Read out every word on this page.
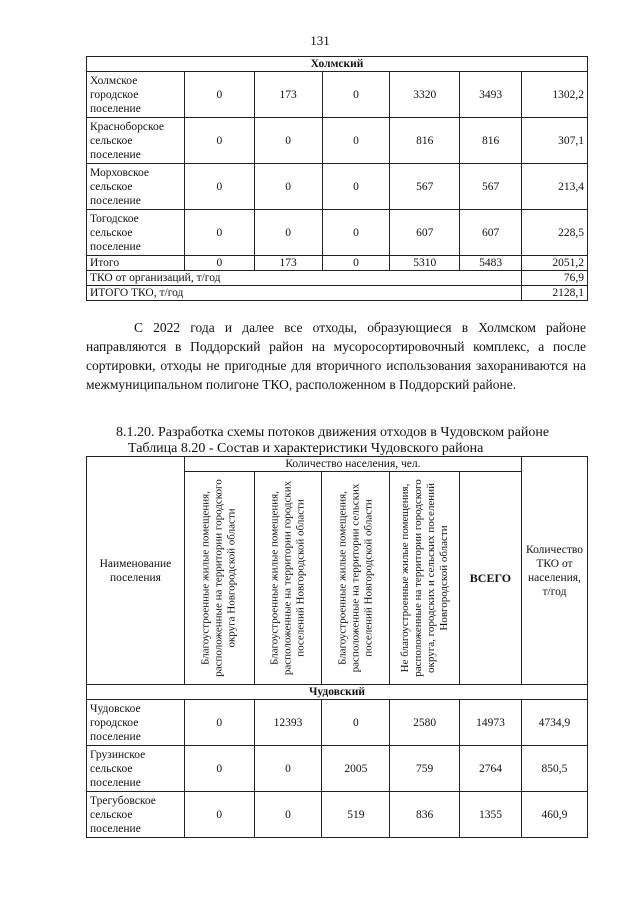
131
Холмский						
Холмское
городское
поселение	0	173	0	3320	3493	1302,2
Красноборское
сельское
поселение	0	0	0	816	816	307,1
Морховское
сельское
поселение	0	0	0	567	567	213,4
Тогодское
сельское
поселение	0	0	0	607	607	228,5
Итого	0	173	0	5310	5483	2051,2
ТКО от организаций, т/год						76,9
ИТОГО ТКО, т/год						2128,1

С 2022 года и далее все отходы, образующиеся в Холмском районе направляются в Поддорский район на мусоросортировочный комплекс, а после сортировки, отходы не пригодные для вторичного использования захораниваются на межмуниципальном полигоне ТКО, расположенном в Поддорский районе.

8.1.20. Разработка схемы потоков движения отходов в Чудовском районе

Таблица 8.20 - Состав и характеристики Чудовского района

Наименование поселения	Количество населения, чел.					Количество ТКО от населения, т/год

	Благоустроенные жилые помещения, расположенные на территории городского округа Новгородской области	Благоустроенные жилые помещения, расположенные на территории городских поселений Новгородской области	Благоустроенные жилые помещения, расположенные на территории сельских поселений Новгородской области	Не благоустроенные жилые помещения, расположенные на территории городского округа, городских и сельских поселений Новгородской области	ВСЕГО	
Чудовский						
Чудовское
городское
поселение	0	12393	0	2580	14973	4734,9
Грузинское
сельское
поселение	0	0	2005	759	2764	850,5
Трегубовское
сельское
поселение	0	0	519	836	1355	460,9
